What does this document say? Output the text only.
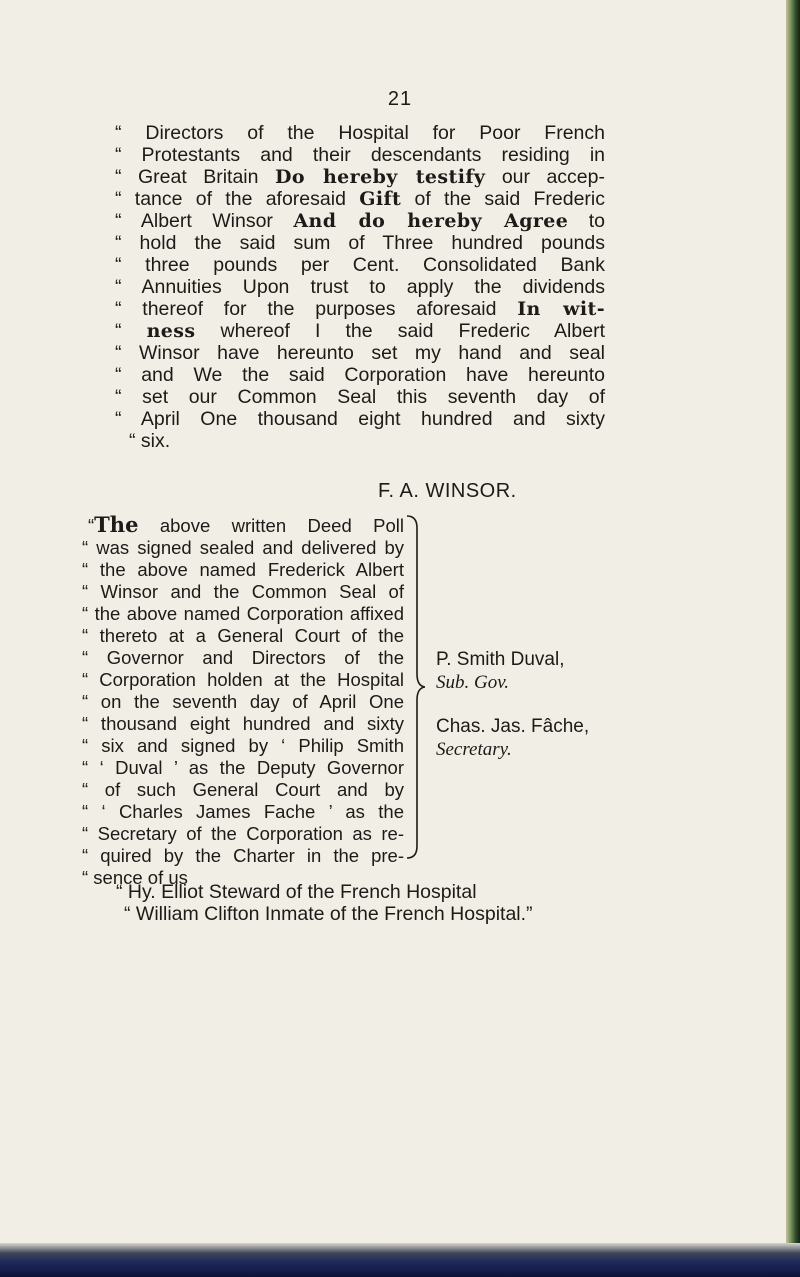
21
“ Directors of the Hospital for Poor French
“ Protestants and their descendants residing in
“ Great Britain Do hereby testify our accep-
“ tance of the aforesaid Gift of the said Frederic
“ Albert Winsor And do hereby Agree to
“ hold the said sum of Three hundred pounds
“ three pounds per Cent. Consolidated Bank
“ Annuities Upon trust to apply the dividends
“ thereof for the purposes aforesaid In wit-
“ ness whereof I the said Frederic Albert
“ Winsor have hereunto set my hand and seal
“ and We the said Corporation have hereunto
“ set our Common Seal this seventh day of
“ April One thousand eight hundred and sixty
“ six.
F. A. WINSOR.
“The above written Deed Poll
“ was signed sealed and delivered by
“ the above named Frederick Albert
“ Winsor and the Common Seal of
“ the above named Corporation affixed
“ thereto at a General Court of the
“ Governor and Directors of the
“ Corporation holden at the Hospital
“ on the seventh day of April One
“ thousand eight hundred and sixty
“ six and signed by ‘ Philip Smith
“ ‘ Duval ’ as the Deputy Governor
“ of such General Court and by
“ ‘ Charles James Fache ’ as the
“ Secretary of the Corporation as re-
“ quired by the Charter in the pre-
“ sence of us
P. Smith Duval,
Sub. Gov.
Chas. Jas. Fâche,
Secretary.
“ Hy. Elliot Steward of the French Hospital
“ William Clifton Inmate of the French Hospital.”
